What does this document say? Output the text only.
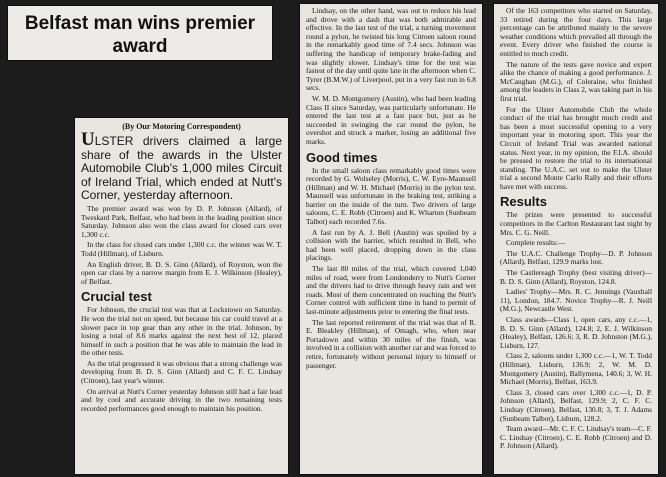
Belfast man wins premier award

(By Our Motoring Correspondent)

ULSTER drivers claimed a large share of the awards in the Ulster Automobile Club's 1,000 miles Circuit of Ireland Trial, which ended at Nutt's Corner, yesterday afternoon.

The premier award was won by D. P. Johnson (Allard), of Tweskard Park, Belfast, who had been in the leading position since Saturday. Johnson also won the class award for closed cars over 1,300 c.c.

In the class for closed cars under 1,300 c.c. the winner was W. T. Todd (Hillman), of Lisburn.

An English driver, B. D. S. Ginn (Allard), of Royston, won the open car class by a narrow margin from E. J. Wilkinson (Healey), of Belfast.

Crucial test

For Johnson, the crucial test was that at Lockstown on Saturday. He won the trial not on speed, but because his car could travel at a slower pace in top gear than any other in the trial. Johnson, by losing a total of 8.6 marks against the next best of 12, placed himself in such a position that he was able to maintain the lead in the other tests.

As the trial progressed it was obvious that a strong challenge was developing from B. D. S. Ginn (Allard) and C. F. C. Lindsay (Citroen), last year's winner.

On arrival at Nutt's Corner yesterday Johnson still had a fair lead and by cool and accurate driving in the two remaining tests recorded performances good enough to maintain his position.

Lindsay, on the other hand, was out to reduce his lead and drove with a dash that was both admirable and effective. In the last test of the trial, a turning movement round a pylon, he twisted his long Citroen saloon round in the remarkably good time of 7.4 secs. Johnson was suffering the handicap of temporary brake-fading and was slightly slower. Lindsay's time for the test was fastest of the day until quite late in the afternoon when C. Tyrer (B.M.W.) of Liverpool, put in a very fast run in 6.8 secs.

W. M. D. Montgomery (Austin), who had been leading Class II since Saturday, was particularly unfortunate. He entered the last test at a fast pace but, just as he succeeded in swinging the car round the pylon, he overshot and struck a marker, losing an additional five marks.

Good times

In the small saloon class remarkably good times were recorded by G. Wolseley (Morris), C. W. Eyre-Maunsell (Hillman) and W. H. Michael (Morris) in the pylon test. Maunsell was unfortunate in the braking test, striking a barrier on the inside of the turn. Two drivers of large saloons, C. E. Robb (Citroen) and K. Wharton (Sunbeam Talbot) each recorded 7.6s.

A fast run by A. J. Bell (Austin) was spoiled by a collision with the barrier, which resulted in Bell, who had been well placed, dropping down in the class placings.

The last 80 miles of the trial, which covered 1,040 miles of road, were from Londonderry to Nutt's Corner and the drivers had to drive through heavy rain and wet roads. Most of them concentrated on reaching the Nutt's Corner control with sufficient time in hand to permit of last-minute adjustments prior to entering the final tests.

The last reported retirement of the trial was that of R. E. Bleakley (Hillman), of Omagh, who, when near Portadown and within 30 miles of the finish, was involved in a collision with another car and was forced to retire, fortunately without personal injury to himself or passenger.

Of the 163 competitors who started on Saturday, 33 retired during the four days. This large percentage can be attributed mainly to the severe weather conditions which prevailed all through the event. Every driver who finished the course is entitled to much credit.

The nature of the tests gave novice and expert alike the chance of making a good performance. J. McCaughan (M.G.), of Coleraine, who finished among the leaders in Class 2, was taking part in his first trial.

For the Ulster Automobile Club the whole conduct of the trial has brought much credit and has been a most successful opening to a very important year in motoring sport. This year the Circuit of Ireland Trial was awarded national status. Next year, in my opinion, the F.I.A. should be pressed to restore the trial to its international standing. The U.A.C. set out to make the Ulster trial a second Monte Carlo Rally and their efforts have met with success.

Results

The prizes were presented to successful competitors in the Carlton Restaurant last night by Mrs. C. G. Neill.

Complete results:—

The U.A.C. Challenge Trophy—D. P. Johnson (Allard), Belfast, 129.9 marks lost.

The Castlereagh Trophy (best visiting driver)—B. D. S. Ginn (Allard), Royston, 124.8.

Ladies' Trophy—Mrs. R. C. Jennings (Vauxhall 11), London, 184.7. Novice Trophy—R. J. Neill (M.G.), Newcastle West.

Class awards—Class 1, open cars, any c.c.—1, B. D. S. Ginn (Allard), 124.8; 2, E. J. Wilkinson (Healey), Belfast, 126.6; 3, R. D. Johnston (M.G.), Lisburn, 127.

Class 2, saloons under 1,300 c.c.—1, W. T. Todd (Hillman), Lisburn, 136.9; 2, W. M. D. Montgomery (Austin), Ballymena, 140.6; 3, W. H. Michael (Morris), Belfast, 163.9.

Class 3, closed cars over 1,300 c.c.—1, D. P. Johnson (Allard), Belfast, 129.9; 2, C. F. C. Lindsay (Citroen), Belfast, 130.8; 3, T. J. Adams (Sunbeam Talbot), Lisburn, 128.2.

Team award—Mr. C. F. C. Lindsay's team—C. F. C. Lindsay (Citroen), C. E. Robb (Citroen) and D. P. Johnson (Allard).
